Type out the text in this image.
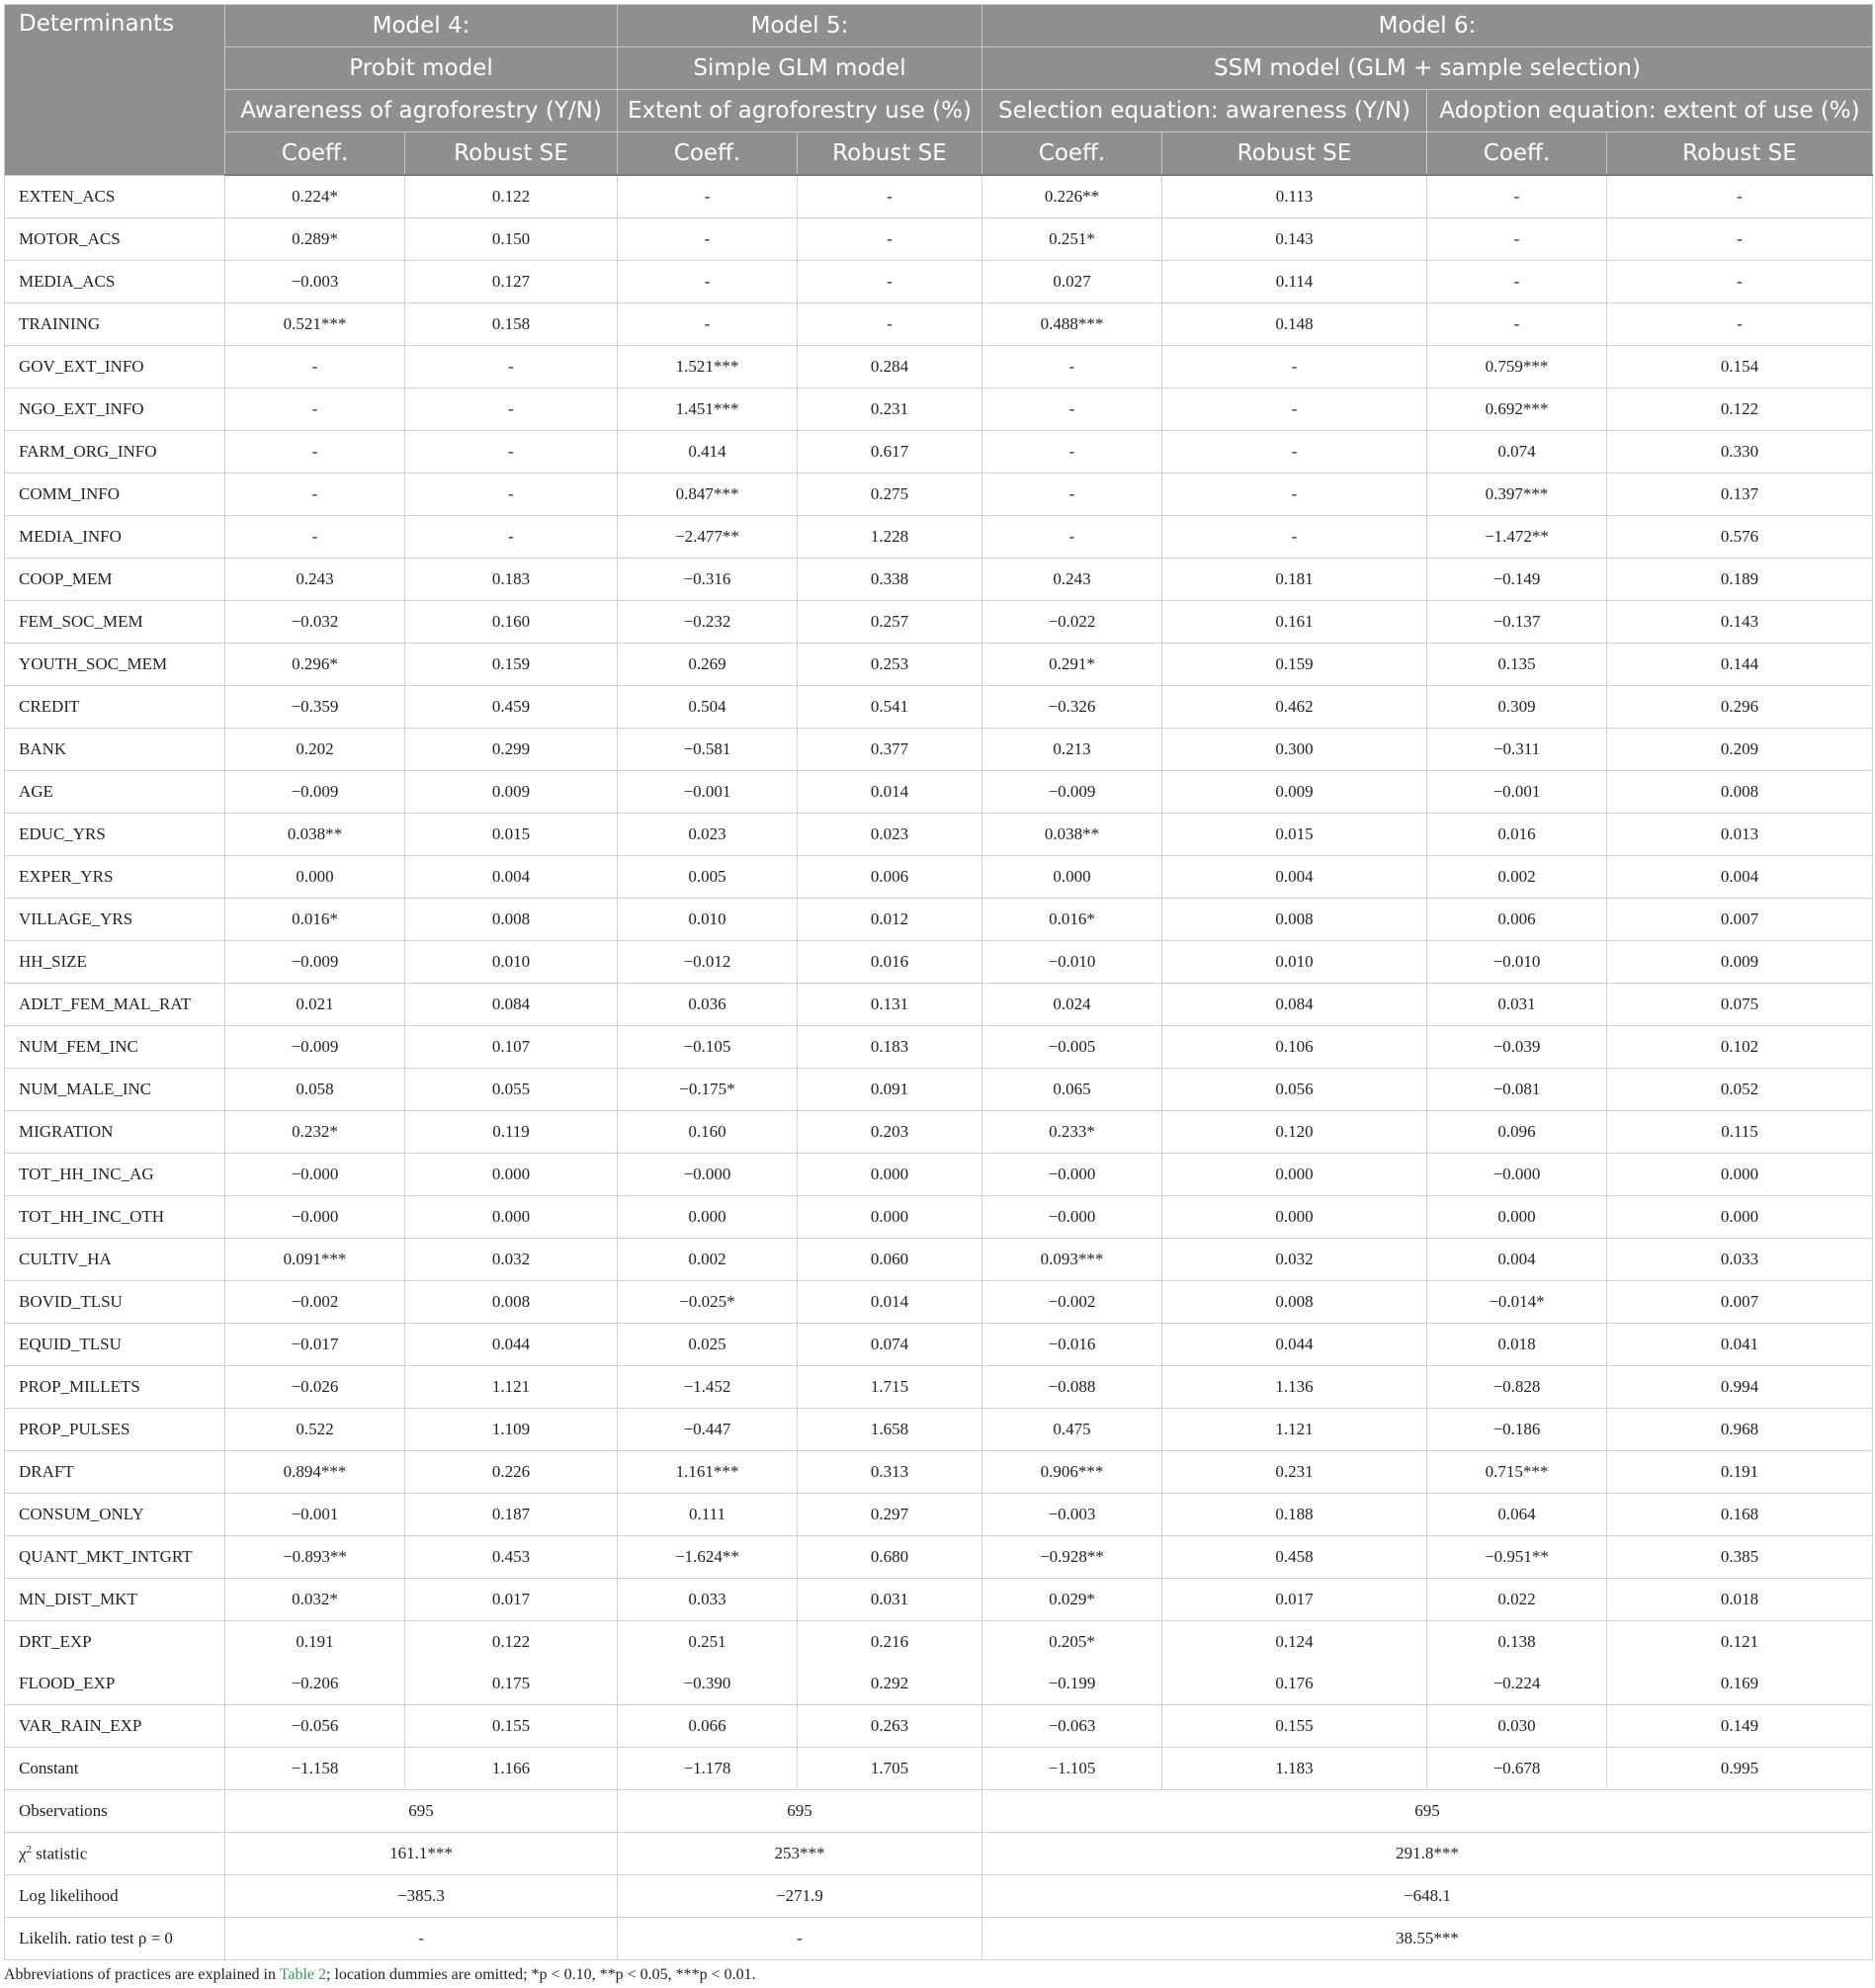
Determinants	Model 4:		Model 5:		Model 6:			
	Probit model		Simple GLM model		SSM model (GLM + sample selection)			
	Awareness of agroforestry (Y/N)		Extent of agroforestry use (%)		Selection equation: awareness (Y/N)		Adoption equation: extent of use (%)	
	Coeff.	Robust SE	Coeff.	Robust SE	Coeff.	Robust SE	Coeff.	Robust SE
EXTEN_ACS	0.224*	0.122	-	-	0.226**	0.113	-	-
MOTOR_ACS	0.289*	0.150	-	-	0.251*	0.143	-	-
MEDIA_ACS	−0.003	0.127	-	-	0.027	0.114	-	-
TRAINING	0.521***	0.158	-	-	0.488***	0.148	-	-
GOV_EXT_INFO	-	-	1.521***	0.284	-	-	0.759***	0.154
NGO_EXT_INFO	-	-	1.451***	0.231	-	-	0.692***	0.122
FARM_ORG_INFO	-	-	0.414	0.617	-	-	0.074	0.330
COMM_INFO	-	-	0.847***	0.275	-	-	0.397***	0.137
MEDIA_INFO	-	-	−2.477**	1.228	-	-	−1.472**	0.576
COOP_MEM	0.243	0.183	−0.316	0.338	0.243	0.181	−0.149	0.189
FEM_SOC_MEM	−0.032	0.160	−0.232	0.257	−0.022	0.161	−0.137	0.143
YOUTH_SOC_MEM	0.296*	0.159	0.269	0.253	0.291*	0.159	0.135	0.144
CREDIT	−0.359	0.459	0.504	0.541	−0.326	0.462	0.309	0.296
BANK	0.202	0.299	−0.581	0.377	0.213	0.300	−0.311	0.209
AGE	−0.009	0.009	−0.001	0.014	−0.009	0.009	−0.001	0.008
EDUC_YRS	0.038**	0.015	0.023	0.023	0.038**	0.015	0.016	0.013
EXPER_YRS	0.000	0.004	0.005	0.006	0.000	0.004	0.002	0.004
VILLAGE_YRS	0.016*	0.008	0.010	0.012	0.016*	0.008	0.006	0.007
HH_SIZE	−0.009	0.010	−0.012	0.016	−0.010	0.010	−0.010	0.009
ADLT_FEM_MAL_RAT	0.021	0.084	0.036	0.131	0.024	0.084	0.031	0.075
NUM_FEM_INC	−0.009	0.107	−0.105	0.183	−0.005	0.106	−0.039	0.102
NUM_MALE_INC	0.058	0.055	−0.175*	0.091	0.065	0.056	−0.081	0.052
MIGRATION	0.232*	0.119	0.160	0.203	0.233*	0.120	0.096	0.115
TOT_HH_INC_AG	−0.000	0.000	−0.000	0.000	−0.000	0.000	−0.000	0.000
TOT_HH_INC_OTH	−0.000	0.000	0.000	0.000	−0.000	0.000	0.000	0.000
CULTIV_HA	0.091***	0.032	0.002	0.060	0.093***	0.032	0.004	0.033
BOVID_TLSU	−0.002	0.008	−0.025*	0.014	−0.002	0.008	−0.014*	0.007
EQUID_TLSU	−0.017	0.044	0.025	0.074	−0.016	0.044	0.018	0.041
PROP_MILLETS	−0.026	1.121	−1.452	1.715	−0.088	1.136	−0.828	0.994
PROP_PULSES	0.522	1.109	−0.447	1.658	0.475	1.121	−0.186	0.968
DRAFT	0.894***	0.226	1.161***	0.313	0.906***	0.231	0.715***	0.191
CONSUM_ONLY	−0.001	0.187	0.111	0.297	−0.003	0.188	0.064	0.168
QUANT_MKT_INTGRT	−0.893**	0.453	−1.624**	0.680	−0.928**	0.458	−0.951**	0.385
MN_DIST_MKT	0.032*	0.017	0.033	0.031	0.029*	0.017	0.022	0.018
DRT_EXP	0.191	0.122	0.251	0.216	0.205*	0.124	0.138	0.121
FLOOD_EXP	−0.206	0.175	−0.390	0.292	−0.199	0.176	−0.224	0.169
VAR_RAIN_EXP	−0.056	0.155	0.066	0.263	−0.063	0.155	0.030	0.149
Constant	−1.158	1.166	−1.178	1.705	−1.105	1.183	−0.678	0.995
Observations	695		695		695			
$\chi^2$ statistic	161.1***		253***		291.8***			
Log likelihood	−385.3		−271.9		−648.1			
Likelih. ratio test ρ = 0	-		-		38.55***			
Abbreviations of practices are explained in Table 2; location dummies are omitted; *p < 0.10, **p < 0.05, ***p < 0.01.
